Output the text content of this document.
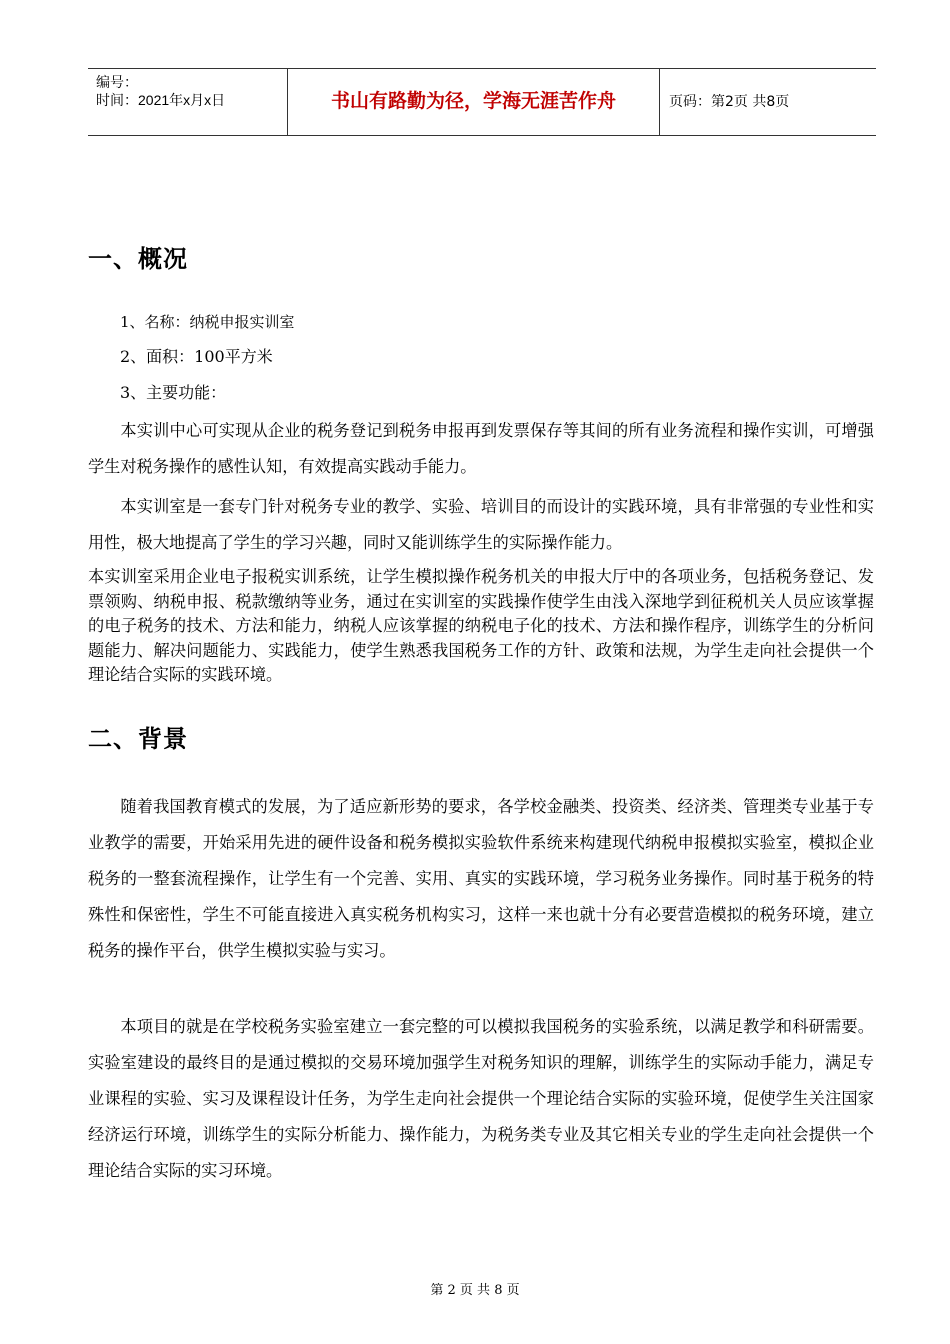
编号：
时间：2021年x月x日	书山有路勤为径，学海无涯苦作舟	页码：第2页 共8页
一、概况
1、名称：纳税申报实训室
2、面积：100平方米
3、主要功能：

本实训中心可实现从企业的税务登记到税务申报再到发票保存等其间的所有业务流程和操作实训，可增强学生对税务操作的感性认知，有效提高实践动手能力。

本实训室是一套专门针对税务专业的教学、实验、培训目的而设计的实践环境，具有非常强的专业性和实用性，极大地提高了学生的学习兴趣，同时又能训练学生的实际操作能力。

本实训室采用企业电子报税实训系统，让学生模拟操作税务机关的申报大厅中的各项业务，包括税务登记、发票领购、纳税申报、税款缴纳等业务，通过在实训室的实践操作使学生由浅入深地学到征税机关人员应该掌握的电子税务的技术、方法和能力，纳税人应该掌握的纳税电子化的技术、方法和操作程序，训练学生的分析问题能力、解决问题能力、实践能力，使学生熟悉我国税务工作的方针、政策和法规，为学生走向社会提供一个理论结合实际的实践环境。

二、背景

随着我国教育模式的发展，为了适应新形势的要求，各学校金融类、投资类、经济类、管理类专业基于专业教学的需要，开始采用先进的硬件设备和税务模拟实验软件系统来构建现代纳税申报模拟实验室，模拟企业税务的一整套流程操作，让学生有一个完善、实用、真实的实践环境，学习税务业务操作。同时基于税务的特殊性和保密性，学生不可能直接进入真实税务机构实习，这样一来也就十分有必要营造模拟的税务环境，建立税务的操作平台，供学生模拟实验与实习。

本项目的就是在学校税务实验室建立一套完整的可以模拟我国税务的实验系统，以满足教学和科研需要。实验室建设的最终目的是通过模拟的交易环境加强学生对税务知识的理解，训练学生的实际动手能力，满足专业课程的实验、实习及课程设计任务，为学生走向社会提供一个理论结合实际的实验环境，促使学生关注国家经济运行环境，训练学生的实际分析能力、操作能力，为税务类专业及其它相关专业的学生走向社会提供一个理论结合实际的实习环境。

第 2 页 共 8 页
